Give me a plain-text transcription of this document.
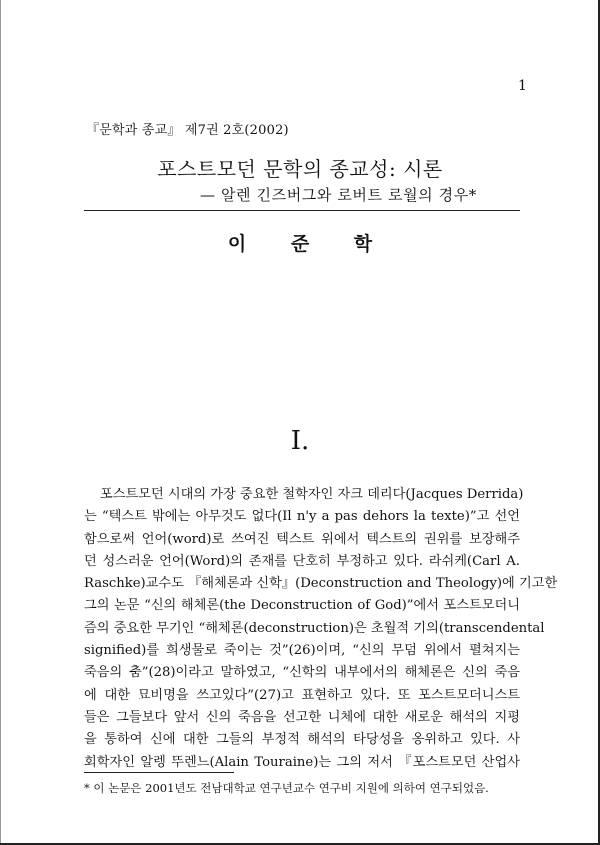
1
『문학과 종교』 제7권 2호(2002)
포스트모던 문학의 종교성: 시론
— 알렌 긴즈버그와 로버트 로월의 경우*
이 준 학
I.
포스트모던 시대의 가장 중요한 철학자인 자크 데리다(Jacques Derrida)
는 “텍스트 밖에는 아무것도 없다(Il n'y a pas dehors la texte)”고 선언
함으로써 언어(word)로 쓰여진 텍스트 위에서 텍스트의 권위를 보장해주
던 성스러운 언어(Word)의 존재를 단호히 부정하고 있다. 라쉬케(Carl A.
Raschke)교수도 『해체론과 신학』(Deconstruction and Theology)에 기고한
그의 논문 “신의 해체론(the Deconstruction of God)”에서 포스트모더니
즘의 중요한 무기인 “해체론(deconstruction)은 초월적 기의(transcendental
signified)를 희생물로 죽이는 것”(26)이며, “신의 무덤 위에서 펼쳐지는
죽음의 춤”(28)이라고 말하였고, “신학의 내부에서의 해체론은 신의 죽음
에 대한 묘비명을 쓰고있다”(27)고 표현하고 있다. 또 포스트모더니스트
들은 그들보다 앞서 신의 죽음을 선고한 니체에 대한 새로운 해석의 지평
을 통하여 신에 대한 그들의 부정적 해석의 타당성을 옹위하고 있다. 사
회학자인 알렝 뚜렌느(Alain Touraine)는 그의 저서 『포스트모던 산업사
* 이 논문은 2001년도 전남대학교 연구년교수 연구비 지원에 의하여 연구되었음.
